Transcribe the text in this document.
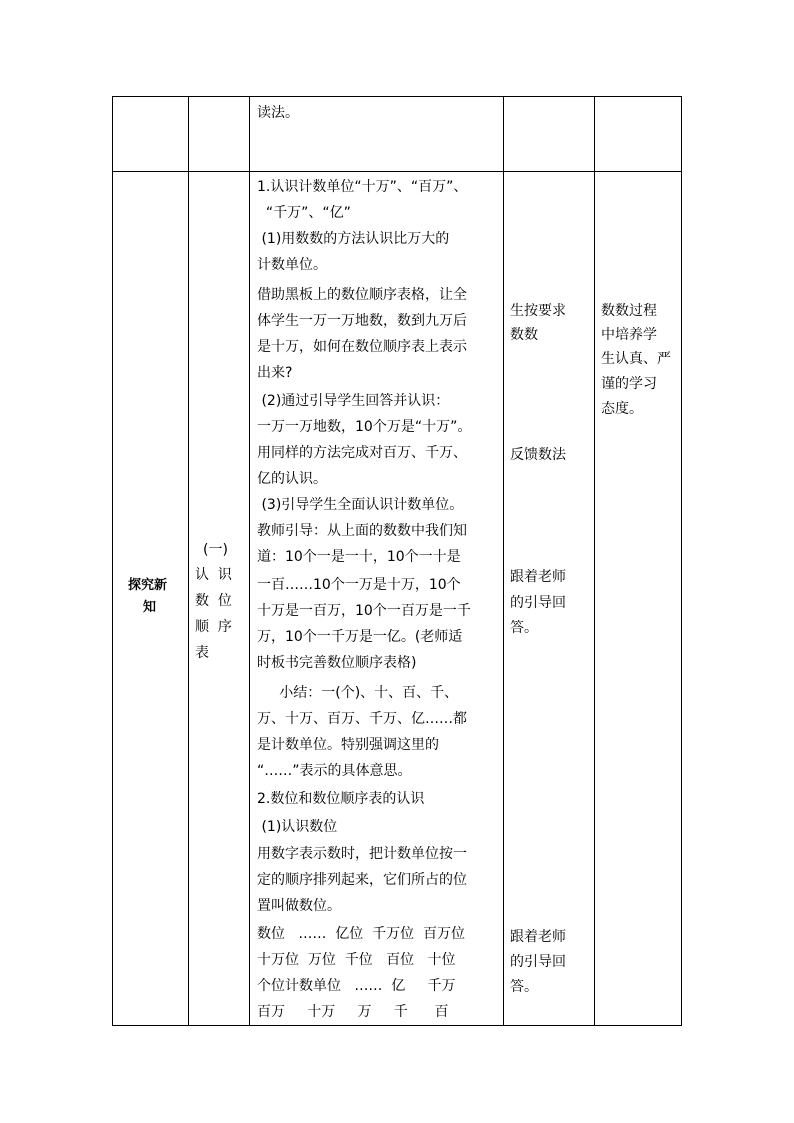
读法。
探究新
知
(一)
认  识
数  位
顺  序
表
1.认识计数单位“十万”、“百万”、
“千万”、“亿”
(1)用数数的方法认识比万大的
计数单位。
借助黑板上的数位顺序表格，让全
体学生一万一万地数，数到九万后
是十万，如何在数位顺序表上表示
出来?
(2)通过引导学生回答并认识：
一万一万地数，10个万是“十万”。
用同样的方法完成对百万、千万、
亿的认识。
(3)引导学生全面认识计数单位。
教师引导：从上面的数数中我们知
道：10个一是一十，10个一十是
一百……10个一万是十万，10个
十万是一百万，10个一百万是一千
万，10个一千万是一亿。(老师适
时板书完善数位顺序表格)
小结：一(个)、十、百、千、
万、十万、百万、千万、亿……都
是计数单位。特别强调这里的
“……”表示的具体意思。
2.数位和数位顺序表的认识
(1)认识数位
用数字表示数时，把计数单位按一
定的顺序排列起来，它们所占的位
置叫做数位。
数位   ……  亿位  千万位  百万位
十万位  万位  千位   百位   十位
个位计数单位   ……  亿     千万
百万     十万     万     千      百
生按要求
数数
反馈数法
跟着老师
的引导回
答。
跟着老师
的引导回
答。
数数过程
中培养学
生认真、严
谨的学习
态度。
